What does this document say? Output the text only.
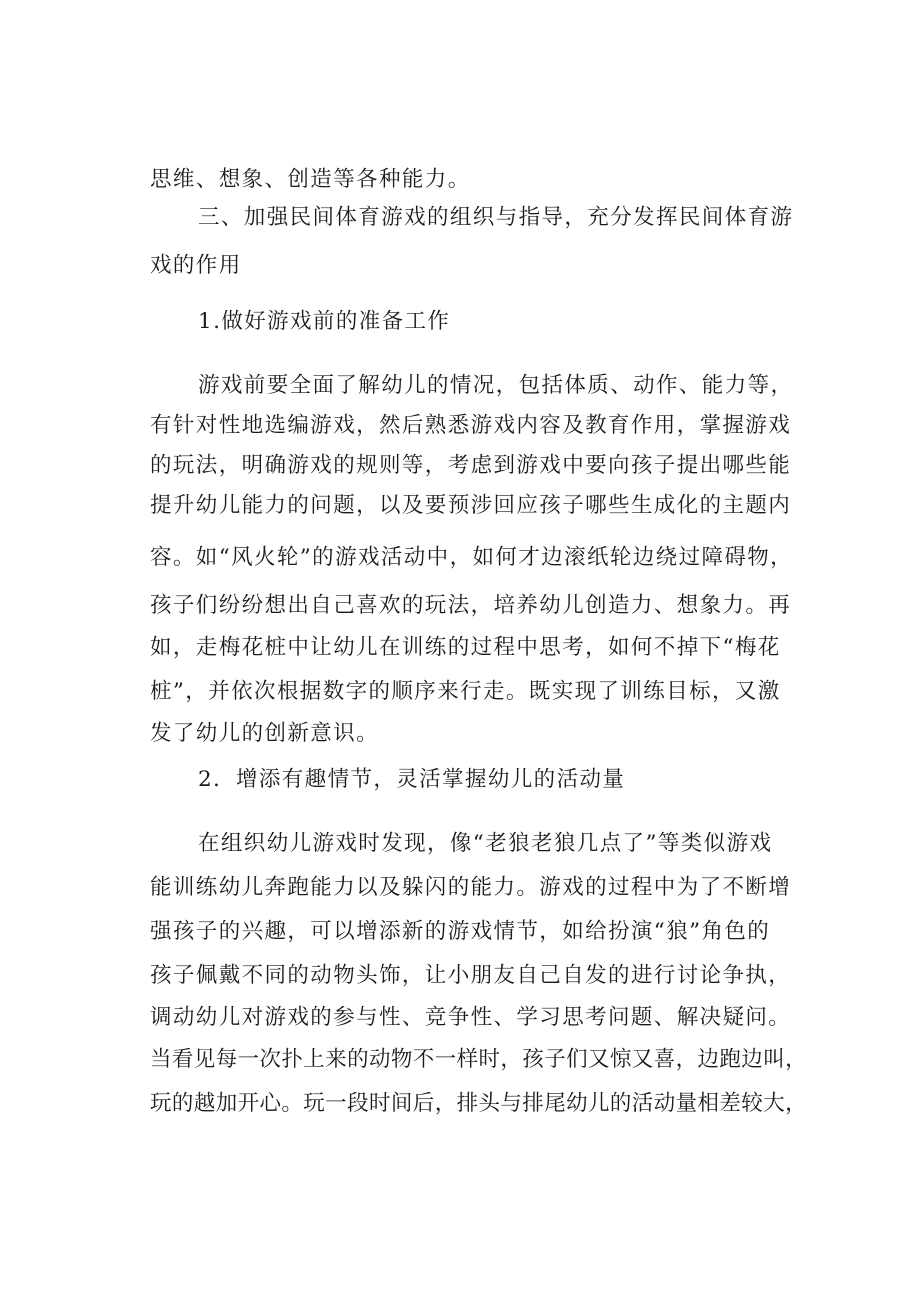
思维、想象、创造等各种能力。
三、加强民间体育游戏的组织与指导，充分发挥民间体育游
戏的作用
1.做好游戏前的准备工作
游戏前要全面了解幼儿的情况，包括体质、动作、能力等，
有针对性地选编游戏，然后熟悉游戏内容及教育作用，掌握游戏
的玩法，明确游戏的规则等，考虑到游戏中要向孩子提出哪些能
提升幼儿能力的问题，以及要预涉回应孩子哪些生成化的主题内
容。如“风火轮”的游戏活动中，如何才边滚纸轮边绕过障碍物，
孩子们纷纷想出自己喜欢的玩法，培养幼儿创造力、想象力。再
如，走梅花桩中让幼儿在训练的过程中思考，如何不掉下“梅花
桩”，并依次根据数字的顺序来行走。既实现了训练目标，又激
发了幼儿的创新意识。
2．增添有趣情节，灵活掌握幼儿的活动量
在组织幼儿游戏时发现，像“老狼老狼几点了”等类似游戏
能训练幼儿奔跑能力以及躲闪的能力。游戏的过程中为了不断增
强孩子的兴趣，可以增添新的游戏情节，如给扮演“狼”角色的
孩子佩戴不同的动物头饰，让小朋友自己自发的进行讨论争执，
调动幼儿对游戏的参与性、竞争性、学习思考问题、解决疑问。
当看见每一次扑上来的动物不一样时，孩子们又惊又喜，边跑边叫，
玩的越加开心。玩一段时间后，排头与排尾幼儿的活动量相差较大，
